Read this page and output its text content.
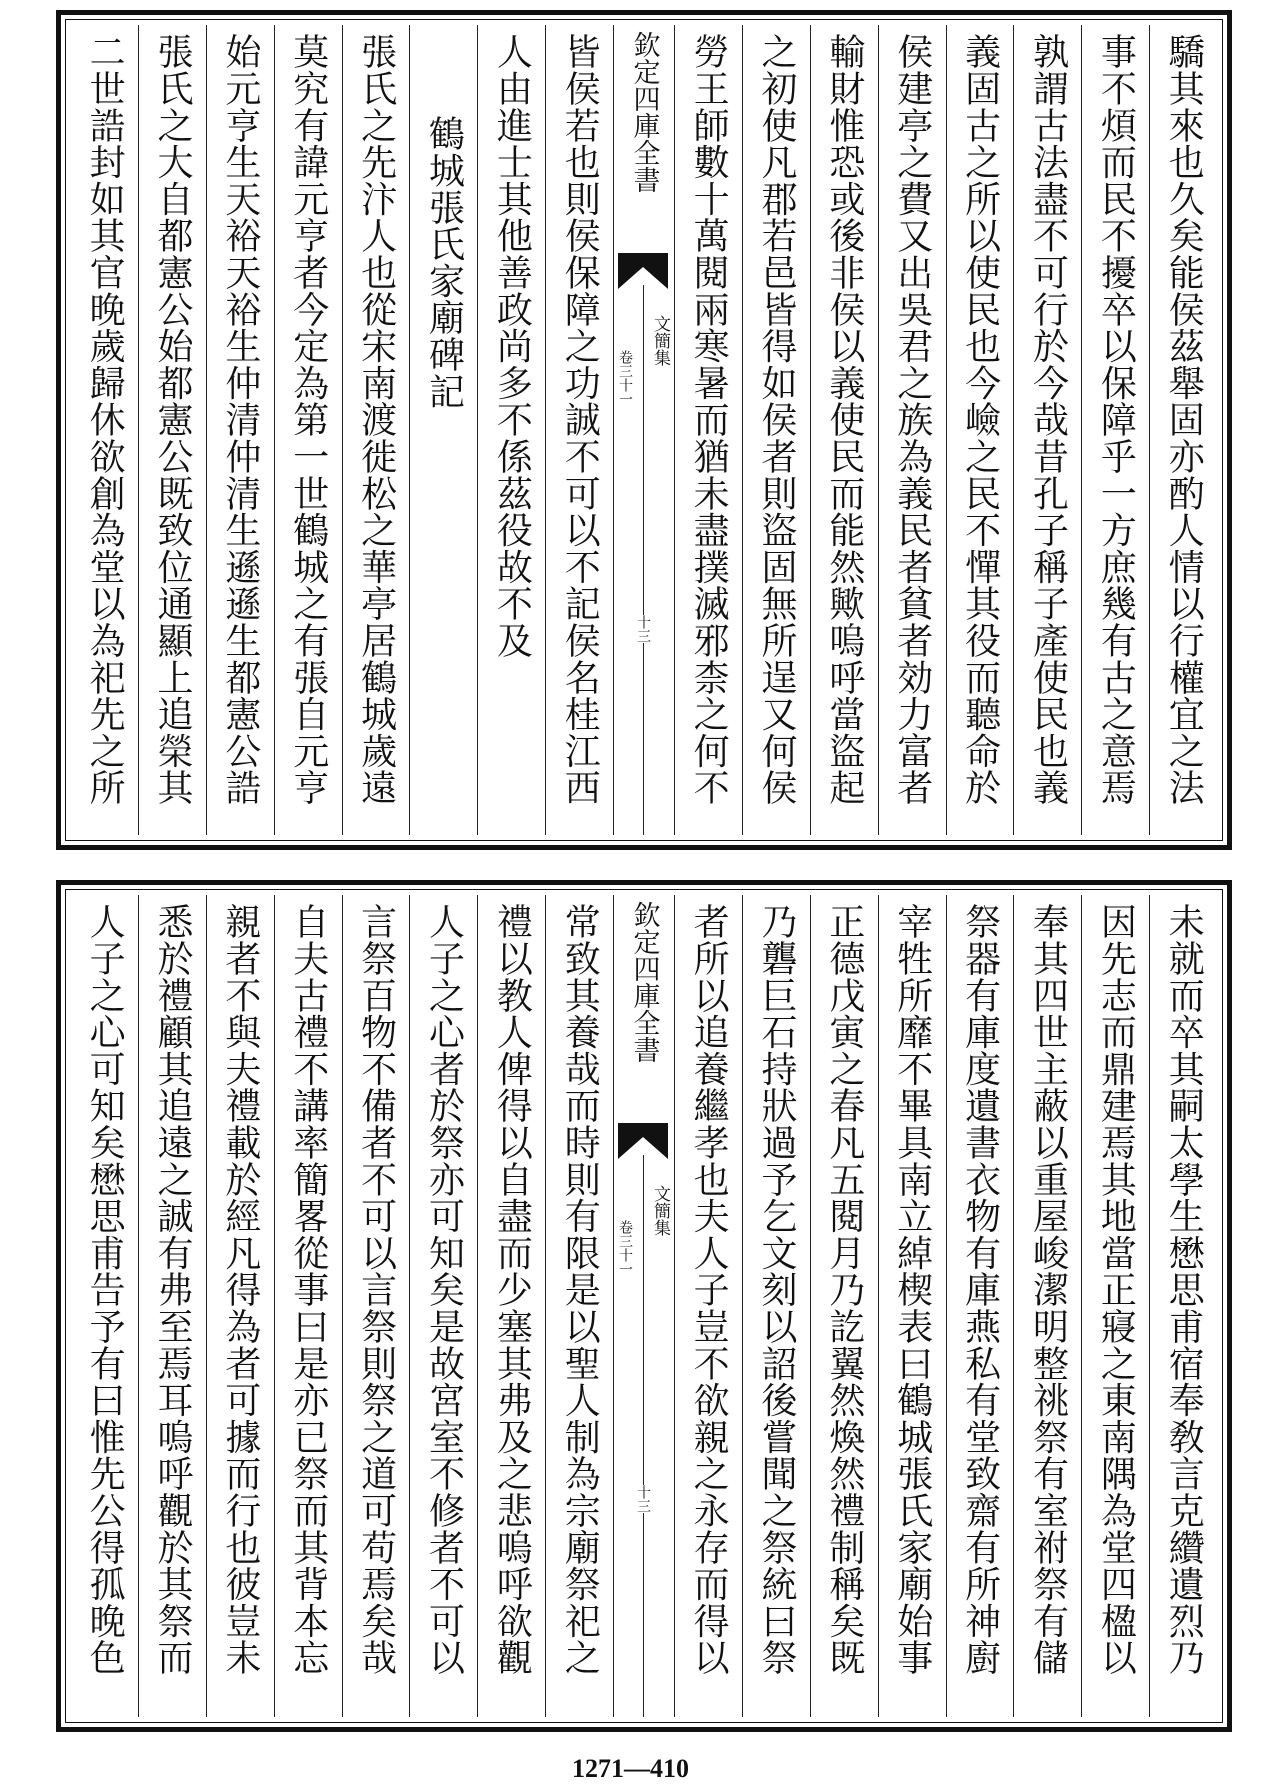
驕其來也久矣能侯茲舉固亦酌人情以行權宜之法
事不煩而民不擾卒以保障乎一方庶幾有古之意焉
孰謂古法盡不可行於今哉昔孔子稱子產使民也義
義固古之所以使民也今嶮之民不憚其役而聽命於
侯建亭之費又出吳君之族為義民者貧者効力富者
輸財惟恐或後非侯以義使民而能然歟嗚呼當盜起
之初使凡郡若邑皆得如侯者則盜固無所逞又何侯
勞王師數十萬閱兩寒暑而猶未盡撲滅邪柰之何不
欽定四庫全書
文簡集
卷三十一
十三
皆侯若也則侯保障之功誠不可以不記侯名桂江西
人由進士其他善政尚多不係茲役故不及
鶴城張氏家廟碑記
張氏之先汴人也從宋南渡徙松之華亭居鶴城歲遠
莫究有諱元亨者今定為第一世鶴城之有張自元亨
始元亨生天裕天裕生仲清仲清生遜遜生都憲公誥
張氏之大自都憲公始都憲公既致位通顯上追榮其
二世誥封如其官晚歲歸休欲創為堂以為祀先之所
未就而卒其嗣太學生懋思甫宿奉敎言克纘遺烈乃
因先志而鼎建焉其地當正寢之東南隅為堂四楹以
奉其四世主蔽以重屋峻潔明整祧祭有室祔祭有儲
祭器有庫度遺書衣物有庫燕私有堂致齋有所神廚
宰牲所靡不畢具南立綽楔表曰鶴城張氏家廟始事
正德戊寅之春凡五閱月乃訖翼然煥然禮制稱矣既
乃礱巨石持狀過予乞文刻以詔後嘗聞之祭統曰祭
者所以追養繼孝也夫人子豈不欲親之永存而得以
欽定四庫全書
文簡集
卷三十一
十三
常致其養哉而時則有限是以聖人制為宗廟祭祀之
禮以教人俾得以自盡而少塞其弗及之悲嗚呼欲觀
人子之心者於祭亦可知矣是故宮室不修者不可以
言祭百物不備者不可以言祭則祭之道可苟焉矣哉
自夫古禮不講率簡畧從事曰是亦已祭而其背本忘
親者不與夫禮載於經凡得為者可據而行也彼豈未
悉於禮顧其追遠之誠有弗至焉耳嗚呼觀於其祭而
人子之心可知矣懋思甫告予有曰惟先公得孤晚色
1271—410
